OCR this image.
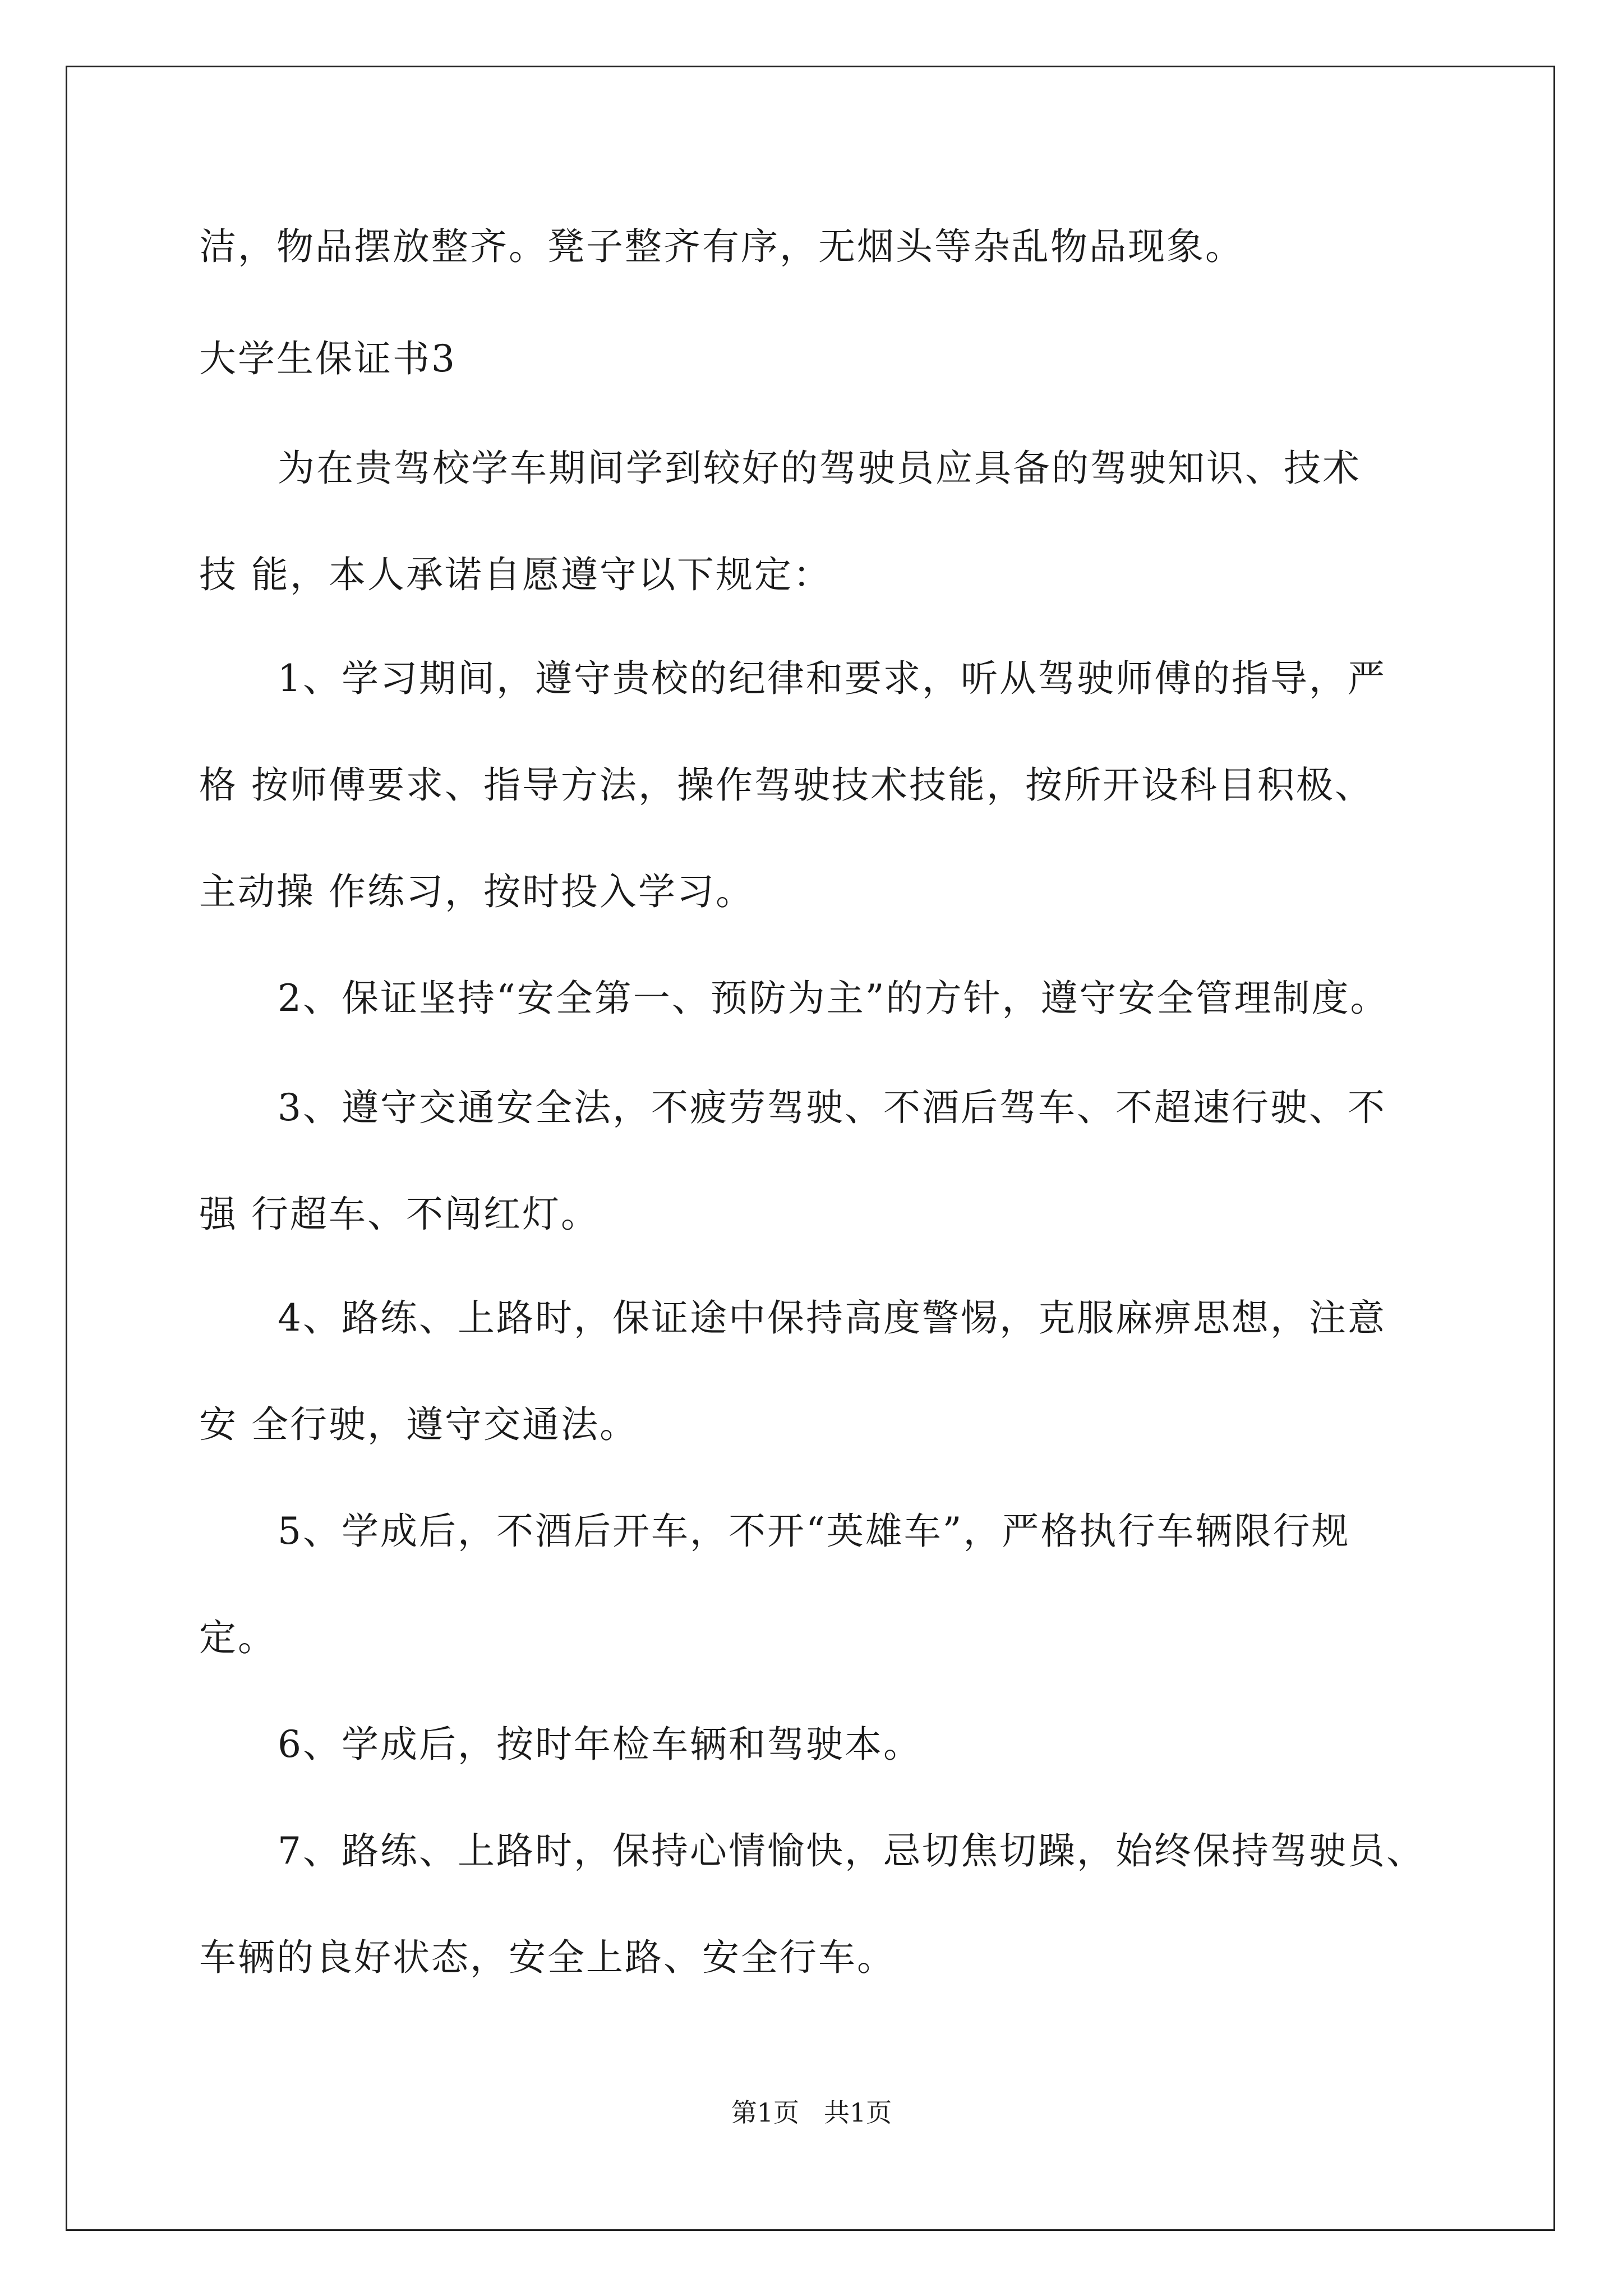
洁，物品摆放整齐。凳子整齐有序，无烟头等杂乱物品现象。
大学生保证书3
为在贵驾校学车期间学到较好的驾驶员应具备的驾驶知识、技术
技 能，本人承诺自愿遵守以下规定：
1、学习期间，遵守贵校的纪律和要求，听从驾驶师傅的指导，严
格 按师傅要求、指导方法，操作驾驶技术技能，按所开设科目积极、
主动操 作练习，按时投入学习。
2、保证坚持“安全第一、预防为主”的方针，遵守安全管理制度。
3、遵守交通安全法，不疲劳驾驶、不酒后驾车、不超速行驶、不
强 行超车、不闯红灯。
4、路练、上路时，保证途中保持高度警惕，克服麻痹思想，注意
安 全行驶，遵守交通法。
5、学成后，不酒后开车，不开“英雄车”，严格执行车辆限行规
定。
6、学成后，按时年检车辆和驾驶本。
7、路练、上路时，保持心情愉快，忌切焦切躁，始终保持驾驶员、
车辆的良好状态，安全上路、安全行车。
第1页 共1页
